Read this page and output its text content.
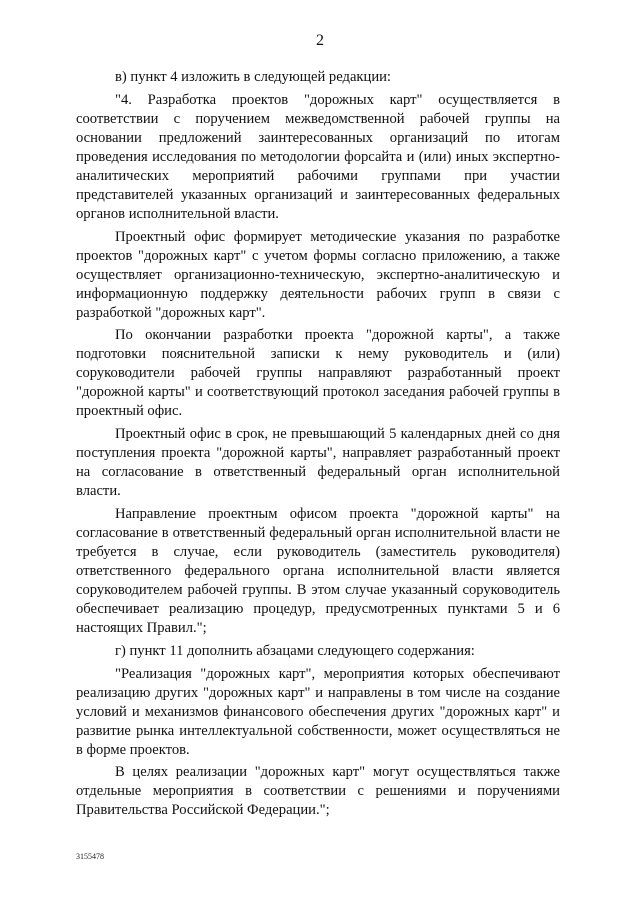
2

в) пункт 4 изложить в следующей редакции:

"4. Разработка проектов "дорожных карт" осуществляется в соответствии с поручением межведомственной рабочей группы на основании предложений заинтересованных организаций по итогам проведения исследования по методологии форсайта и (или) иных экспертно-аналитических мероприятий рабочими группами при участии представителей указанных организаций и заинтересованных федеральных органов исполнительной власти.

Проектный офис формирует методические указания по разработке проектов "дорожных карт" с учетом формы согласно приложению, а также осуществляет организационно-техническую, экспертно-аналитическую и информационную поддержку деятельности рабочих групп в связи с разработкой "дорожных карт".

По окончании разработки проекта "дорожной карты", а также подготовки пояснительной записки к нему руководитель и (или) соруководители рабочей группы направляют разработанный проект "дорожной карты" и соответствующий протокол заседания рабочей группы в проектный офис.

Проектный офис в срок, не превышающий 5 календарных дней со дня поступления проекта "дорожной карты", направляет разработанный проект на согласование в ответственный федеральный орган исполнительной власти.

Направление проектным офисом проекта "дорожной карты" на согласование в ответственный федеральный орган исполнительной власти не требуется в случае, если руководитель (заместитель руководителя) ответственного федерального органа исполнительной власти является соруководителем рабочей группы. В этом случае указанный соруководитель обеспечивает реализацию процедур, предусмотренных пунктами 5 и 6 настоящих Правил.";

г) пункт 11 дополнить абзацами следующего содержания:

"Реализация "дорожных карт", мероприятия которых обеспечивают реализацию других "дорожных карт" и направлены в том числе на создание условий и механизмов финансового обеспечения других "дорожных карт" и развитие рынка интеллектуальной собственности, может осуществляться не в форме проектов.

В целях реализации "дорожных карт" могут осуществляться также отдельные мероприятия в соответствии с решениями и поручениями Правительства Российской Федерации.";

3155478
